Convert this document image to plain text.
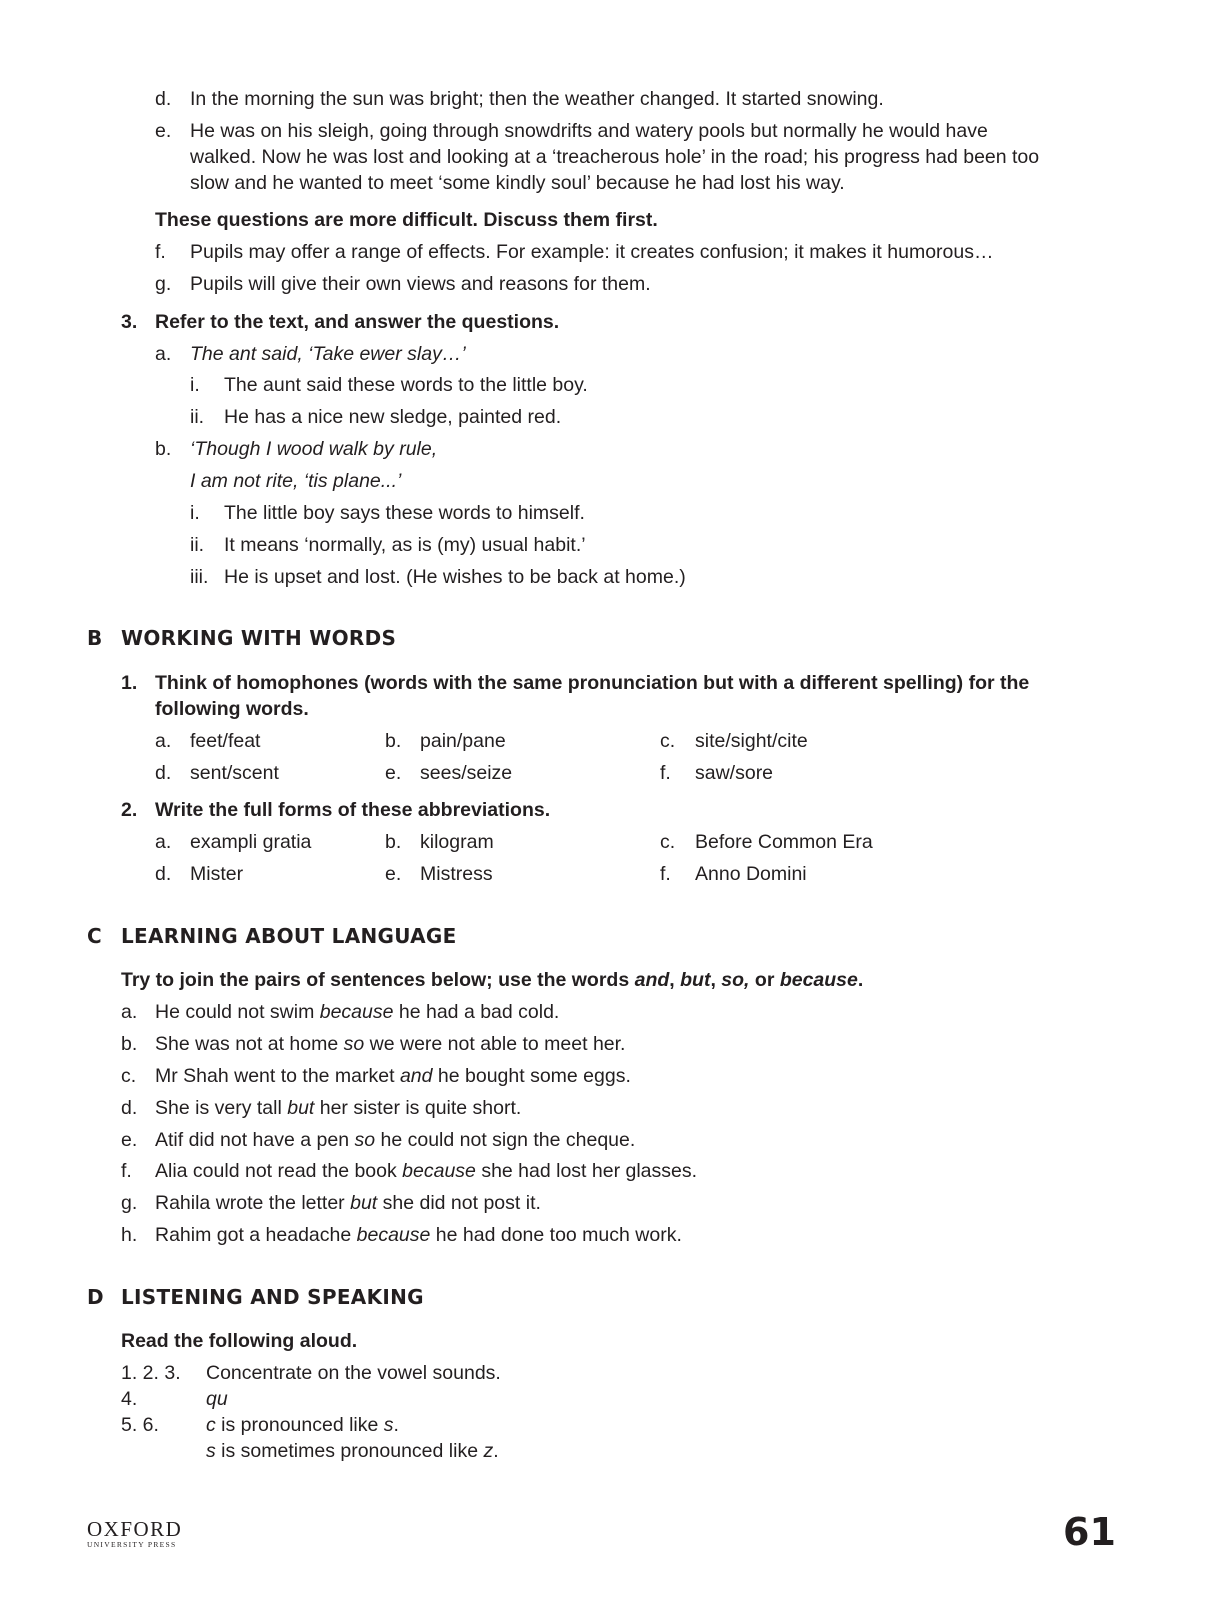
d. In the morning the sun was bright; then the weather changed. It started snowing.
e. He was on his sleigh, going through snowdrifts and watery pools but normally he would have
walked. Now he was lost and looking at a ‘treacherous hole’ in the road; his progress had been too
slow and he wanted to meet ‘some kindly soul’ because he had lost his way.
These questions are more difficult. Discuss them first.
f. Pupils may offer a range of effects. For example: it creates confusion; it makes it humorous…
g. Pupils will give their own views and reasons for them.
3. Refer to the text, and answer the questions.
a. The ant said, ‘Take ewer slay…’
i. The aunt said these words to the little boy.
ii. He has a nice new sledge, painted red.
b. ‘Though I wood walk by rule,
I am not rite, ‘tis plane...’
i. The little boy says these words to himself.
ii. It means ‘normally, as is (my) usual habit.’
iii. He is upset and lost. (He wishes to be back at home.)
B WORKING WITH WORDS
1. Think of homophones (words with the same pronunciation but with a different spelling) for the
following words.
a. feet/feat	b. pain/pane	c. site/sight/cite
d. sent/scent	e. sees/seize	f. saw/sore
2. Write the full forms of these abbreviations.
a. exampli gratia	b. kilogram	c. Before Common Era
d. Mister	e. Mistress	f. Anno Domini
C LEARNING ABOUT LANGUAGE
Try to join the pairs of sentences below; use the words and, but, so, or because.
a. He could not swim because he had a bad cold.
b. She was not at home so we were not able to meet her.
c. Mr Shah went to the market and he bought some eggs.
d. She is very tall but her sister is quite short.
e. Atif did not have a pen so he could not sign the cheque.
f. Alia could not read the book because she had lost her glasses.
g. Rahila wrote the letter but she did not post it.
h. Rahim got a headache because he had done too much work.
D LISTENING AND SPEAKING
Read the following aloud.
1. 2. 3. Concentrate on the vowel sounds.
4.	qu
5. 6. c is pronounced like s.
s is sometimes pronounced like z.
OXFORD
UNIVERSITY PRESS	61
